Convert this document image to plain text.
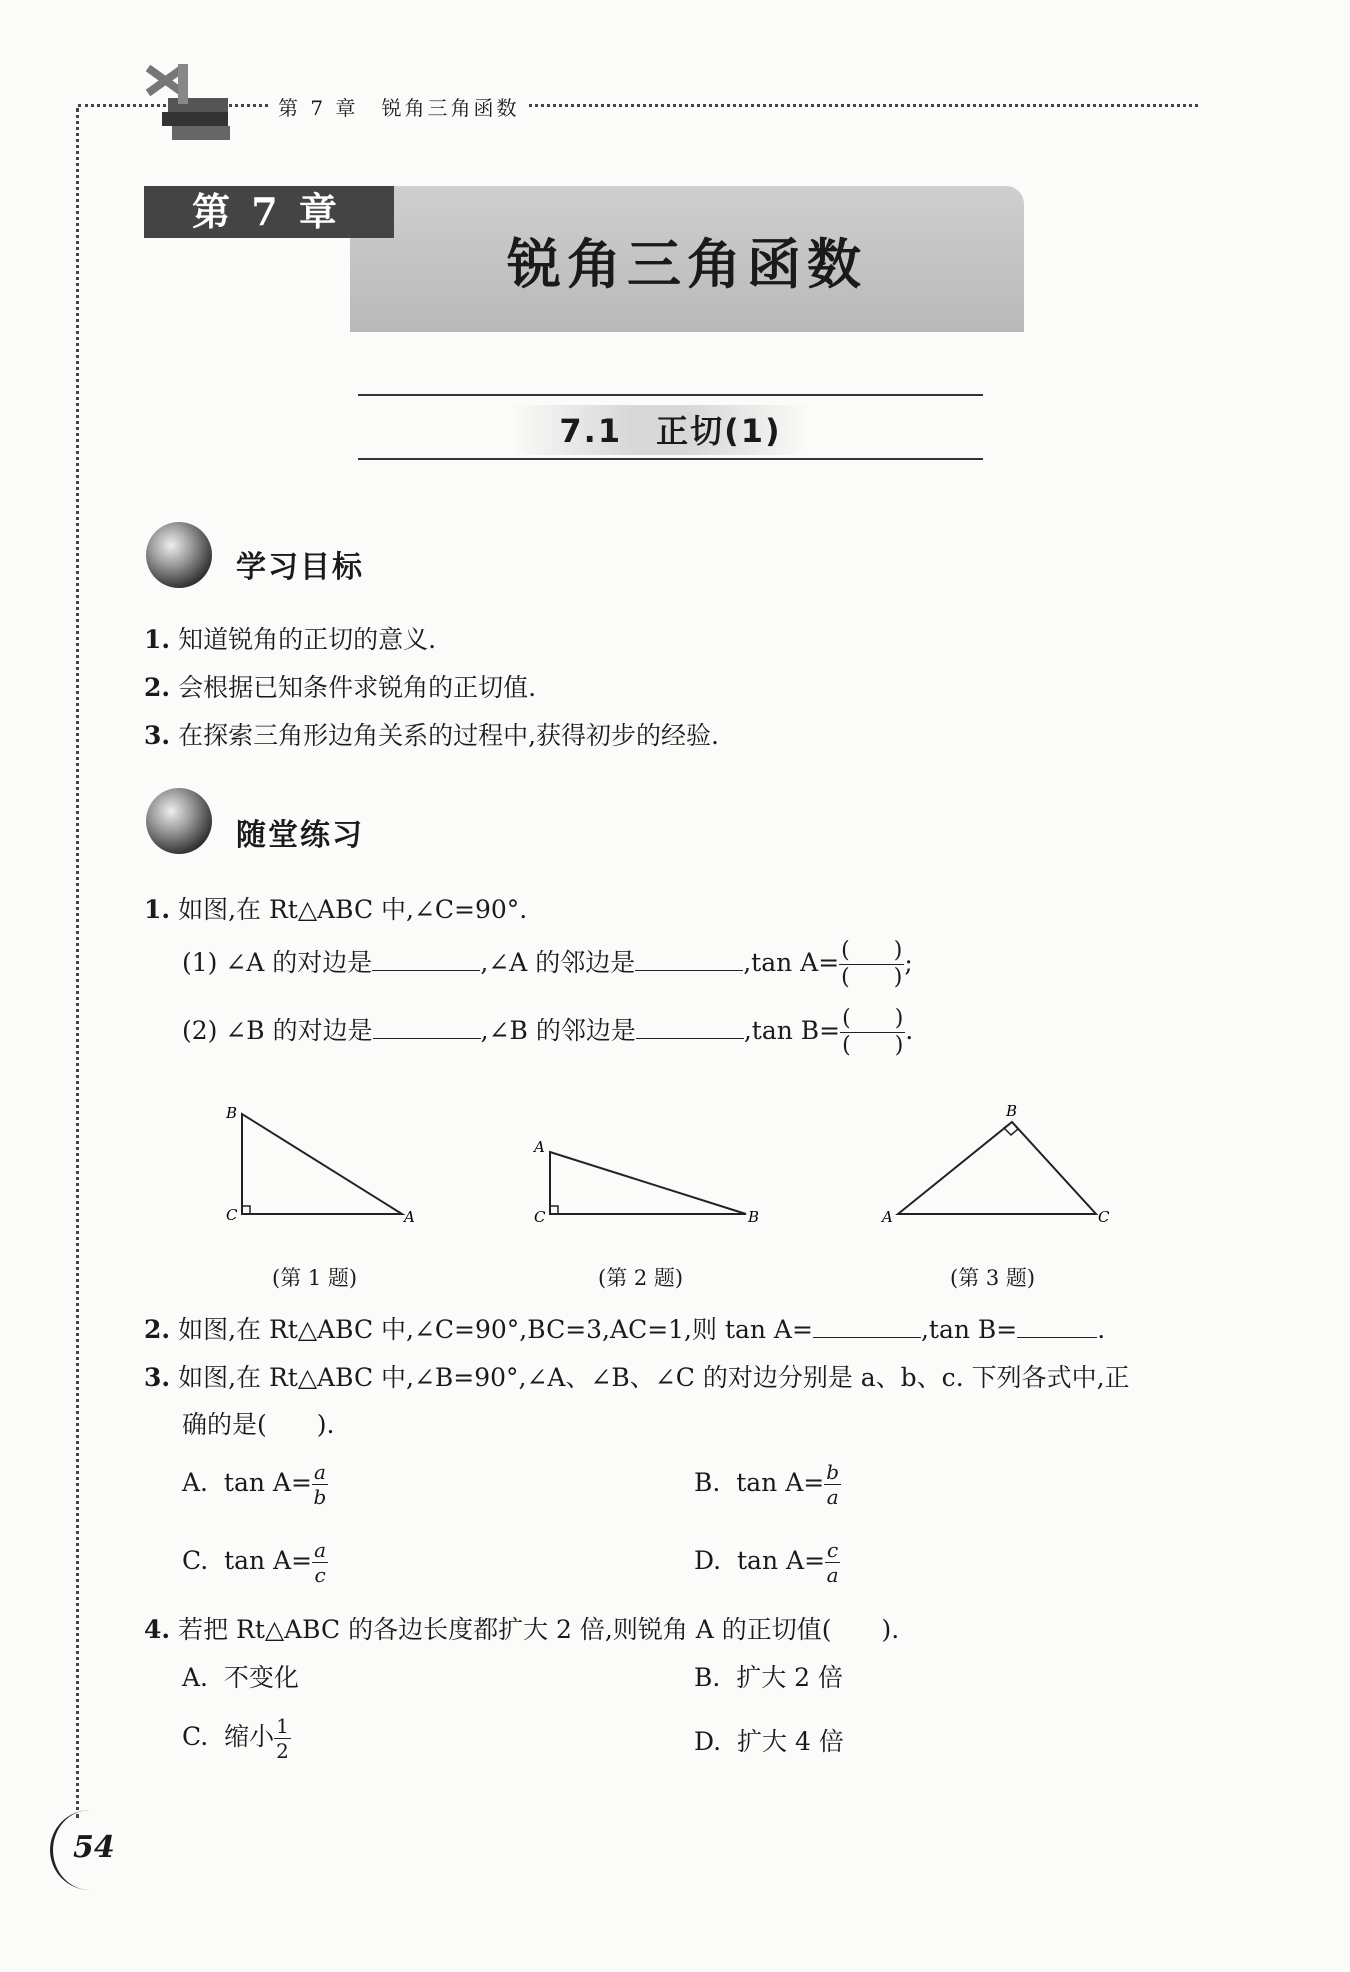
第 7 章　锐角三角函数
第 7 章
锐角三角函数
7.1　正切(1)
学习目标
1. 知道锐角的正切的意义.
2. 会根据已知条件求锐角的正切值.
3. 在探索三角形边角关系的过程中,获得初步的经验.
随堂练习
1. 如图,在 Rt△ABC 中,∠C=90°.
(1) ∠A 的对边是	,∠A 的邻边是	,tan $A= \frac{( )}{( )}$ ;
(2) ∠B 的对边是	,∠B 的邻边是	,tan $B= \frac{( )}{( )}$ .
B
C	A
(第 1 题)
A
C	B
(第 2 题)
B
A	C
(第 3 题)
2. 如图,在 Rt△ABC 中,∠C=90°,BC=3,AC=1,则 tan A=	,tan B=	.
3. 如图,在 Rt△ABC 中,∠B=90°,∠A、∠B、∠C 的对边分别是 a、b、c. 下列各式中,正
确的是(　　).
A. $\tan A= \frac{a}{b}$	B. $\tan A= \frac{b}{a}$
C. $\tan A= \frac{a}{c}$	D. $\tan A= \frac{c}{a}$
4. 若把 Rt△ABC 的各边长度都扩大 2 倍,则锐角 A 的正切值(　　).
A. 不变化	B. 扩大 2 倍
C. 缩小 $\frac{1}{2}$	D. 扩大 4 倍
54
